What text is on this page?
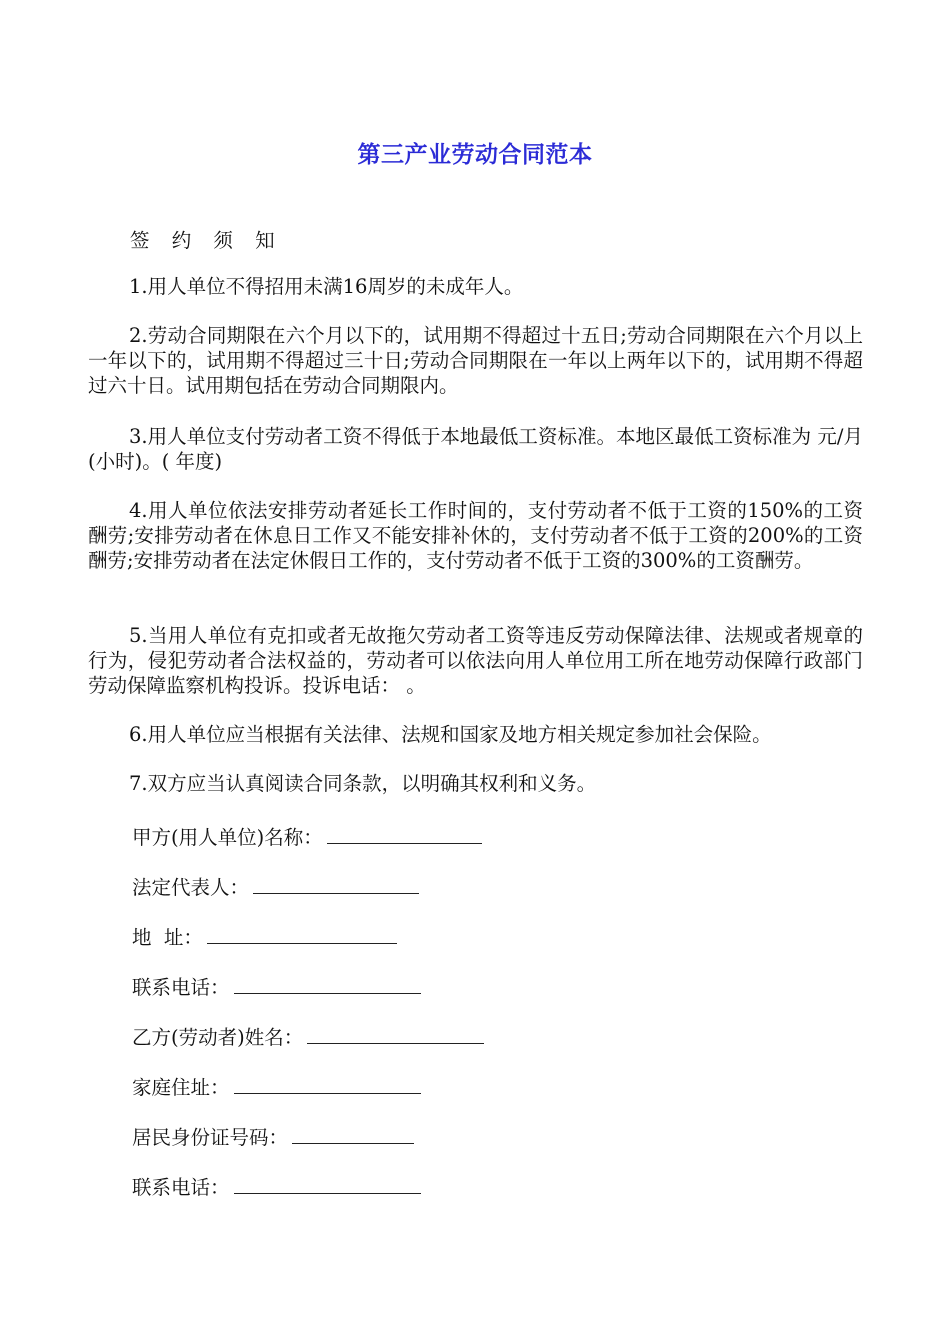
第三产业劳动合同范本
签 约 须 知
1.用人单位不得招用未满16周岁的未成年人。
2.劳动合同期限在六个月以下的，试用期不得超过十五日;劳动合同期限在六个月以上一年以下的，试用期不得超过三十日;劳动合同期限在一年以上两年以下的，试用期不得超过六十日。试用期包括在劳动合同期限内。
3.用人单位支付劳动者工资不得低于本地最低工资标准。本地区最低工资标准为 元/月(小时)。( 年度)
4.用人单位依法安排劳动者延长工作时间的，支付劳动者不低于工资的150%的工资酬劳;安排劳动者在休息日工作又不能安排补休的，支付劳动者不低于工资的200%的工资酬劳;安排劳动者在法定休假日工作的，支付劳动者不低于工资的300%的工资酬劳。
5.当用人单位有克扣或者无故拖欠劳动者工资等违反劳动保障法律、法规或者规章的行为，侵犯劳动者合法权益的，劳动者可以依法向用人单位用工所在地劳动保障行政部门劳动保障监察机构投诉。投诉电话： 。
6.用人单位应当根据有关法律、法规和国家及地方相关规定参加社会保险。
7.双方应当认真阅读合同条款，以明确其权利和义务。
甲方(用人单位)名称：
法定代表人：
地  址：
联系电话：
乙方(劳动者)姓名：
家庭住址：
居民身份证号码：
联系电话：
